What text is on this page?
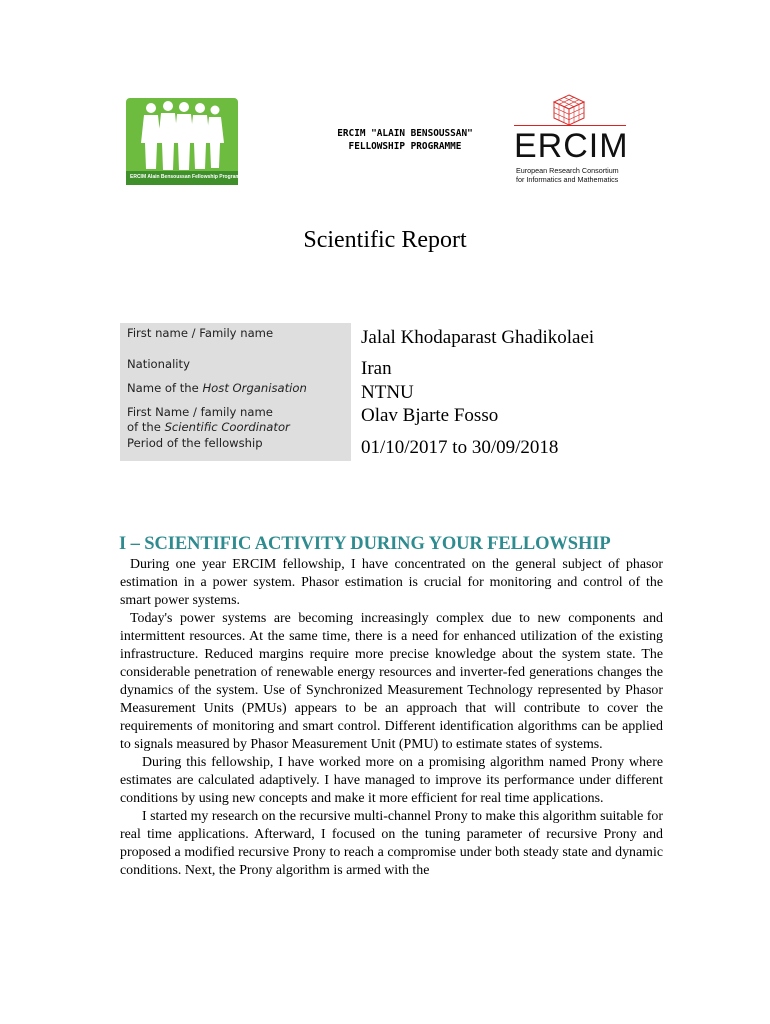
ERCIM Alain Bensoussan Fellowship Programme
ERCIM "ALAIN BENSOUSSAN"
FELLOWSHIP PROGRAMME	ERCIM
European Research Consortium
for Informatics and Mathematics
Scientific Report
First name / Family name
Nationality
Name of the Host Organisation
First Name / family name
of the Scientific Coordinator
Period of the fellowship
Jalal Khodaparast Ghadikolaei
Iran
NTNU
Olav Bjarte Fosso
01/10/2017 to 30/09/2018
I – SCIENTIFIC ACTIVITY DURING YOUR FELLOWSHIP

During one year ERCIM fellowship, I have concentrated on the general subject of phasor estimation in a power system. Phasor estimation is crucial for monitoring and control of the smart power systems.

Today's power systems are becoming increasingly complex due to new components and intermittent resources. At the same time, there is a need for enhanced utilization of the existing infrastructure. Reduced margins require more precise knowledge about the system state. The considerable penetration of renewable energy resources and inverter-fed generations changes the dynamics of the system. Use of Synchronized Measurement Technology represented by Phasor Measurement Units (PMUs) appears to be an approach that will contribute to cover the requirements of monitoring and smart control. Different identification algorithms can be applied to signals measured by Phasor Measurement Unit (PMU) to estimate states of systems.

During this fellowship, I have worked more on a promising algorithm named Prony where estimates are calculated adaptively. I have managed to improve its performance under different conditions by using new concepts and make it more efficient for real time applications.

I started my research on the recursive multi-channel Prony to make this algorithm suitable for real time applications. Afterward, I focused on the tuning parameter of recursive Prony and proposed a modified recursive Prony to reach a compromise under both steady state and dynamic conditions. Next, the Prony algorithm is armed with the
